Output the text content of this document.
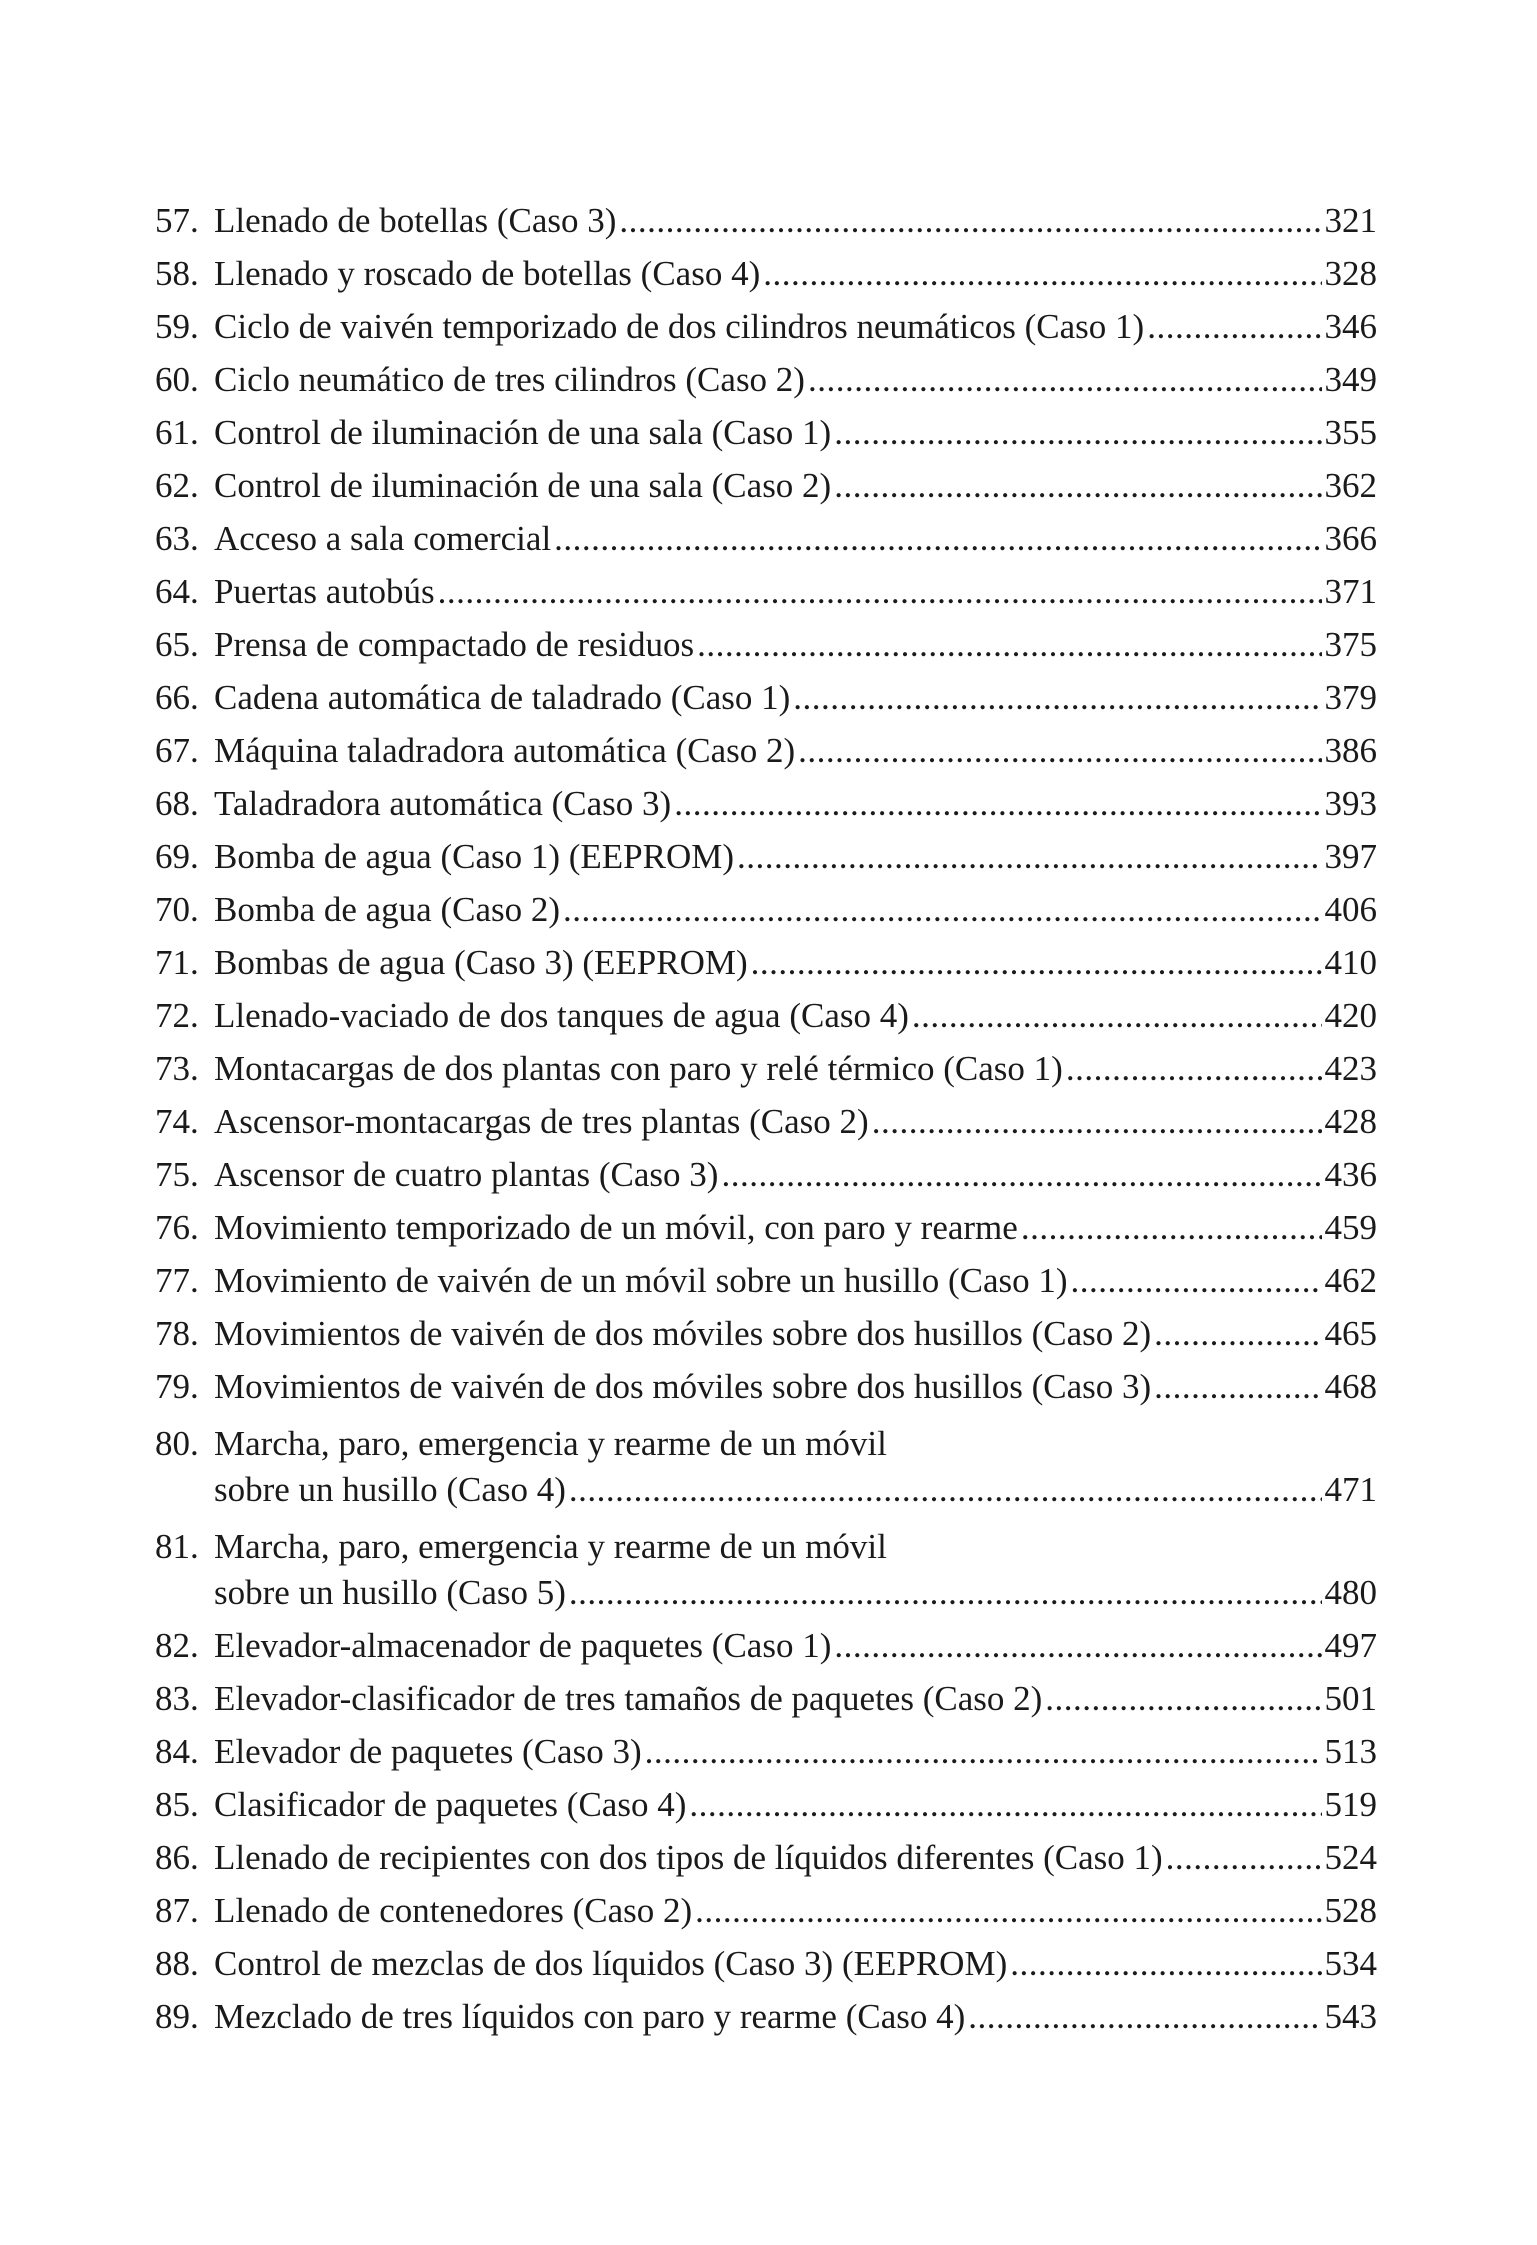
57. Llenado de botellas (Caso 3) .....	321
58. Llenado y roscado de botellas (Caso 4) .....	328
59. Ciclo de vaivén temporizado de dos cilindros neumáticos (Caso 1) .....	346
60. Ciclo neumático de tres cilindros (Caso 2) .....	349
61. Control de iluminación de una sala (Caso 1) .....	355
62. Control de iluminación de una sala (Caso 2) .....	362
63. Acceso a sala comercial .....	366
64. Puertas autobús .....	371
65. Prensa de compactado de residuos .....	375
66. Cadena automática de taladrado (Caso 1) .....	379
67. Máquina taladradora automática (Caso 2) .....	386
68. Taladradora automática (Caso 3) .....	393
69. Bomba de agua (Caso 1) (EEPROM) .....	397
70. Bomba de agua (Caso 2) .....	406
71. Bombas de agua (Caso 3) (EEPROM) .....	410
72. Llenado-vaciado de dos tanques de agua (Caso 4) .....	420
73. Montacargas de dos plantas con paro y relé térmico (Caso 1) .....	423
74. Ascensor-montacargas de tres plantas (Caso 2) .....	428
75. Ascensor de cuatro plantas (Caso 3) .....	436
76. Movimiento temporizado de un móvil, con paro y rearme .....	459
77. Movimiento de vaivén de un móvil sobre un husillo (Caso 1) .....	462
78. Movimientos de vaivén de dos móviles sobre dos husillos (Caso 2) .....	465
79. Movimientos de vaivén de dos móviles sobre dos husillos (Caso 3) .....	468
80. Marcha, paro, emergencia y rearme de un móvil
sobre un husillo (Caso 4) .....	471
81. Marcha, paro, emergencia y rearme de un móvil
sobre un husillo (Caso 5) .....	480
82. Elevador-almacenador de paquetes (Caso 1) .....	497
83. Elevador-clasificador de tres tamaños de paquetes (Caso 2) .....	501
84. Elevador de paquetes (Caso 3) .....	513
85. Clasificador de paquetes (Caso 4) .....	519
86. Llenado de recipientes con dos tipos de líquidos diferentes (Caso 1) .....	524
87. Llenado de contenedores (Caso 2) .....	528
88. Control de mezclas de dos líquidos (Caso 3) (EEPROM) .....	534
89. Mezclado de tres líquidos con paro y rearme (Caso 4) .....	543
